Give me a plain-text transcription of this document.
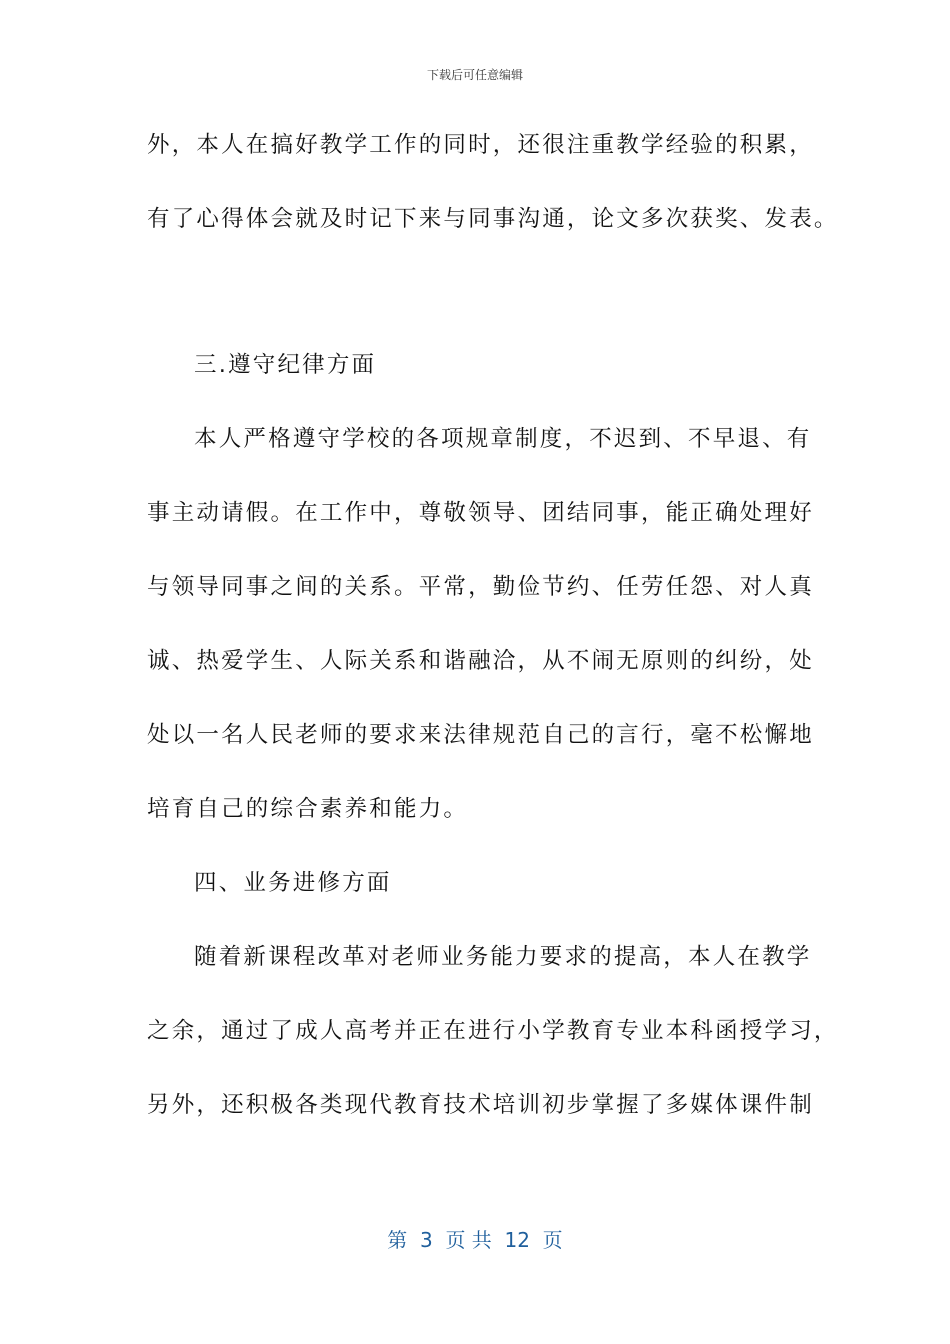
下载后可任意编辑

外，本人在搞好教学工作的同时，还很注重教学经验的积累，

有了心得体会就及时记下来与同事沟通，论文多次获奖、发表。

三.遵守纪律方面

本人严格遵守学校的各项规章制度，不迟到、不早退、有

事主动请假。在工作中，尊敬领导、团结同事，能正确处理好

与领导同事之间的关系。平常，勤俭节约、任劳任怨、对人真

诚、热爱学生、人际关系和谐融洽，从不闹无原则的纠纷，处

处以一名人民老师的要求来法律规范自己的言行，毫不松懈地

培育自己的综合素养和能力。

四、业务进修方面

随着新课程改革对老师业务能力要求的提高，本人在教学

之余，通过了成人高考并正在进行小学教育专业本科函授学习，

另外，还积极各类现代教育技术培训初步掌握了多媒体课件制

第  3  页 共  12  页
